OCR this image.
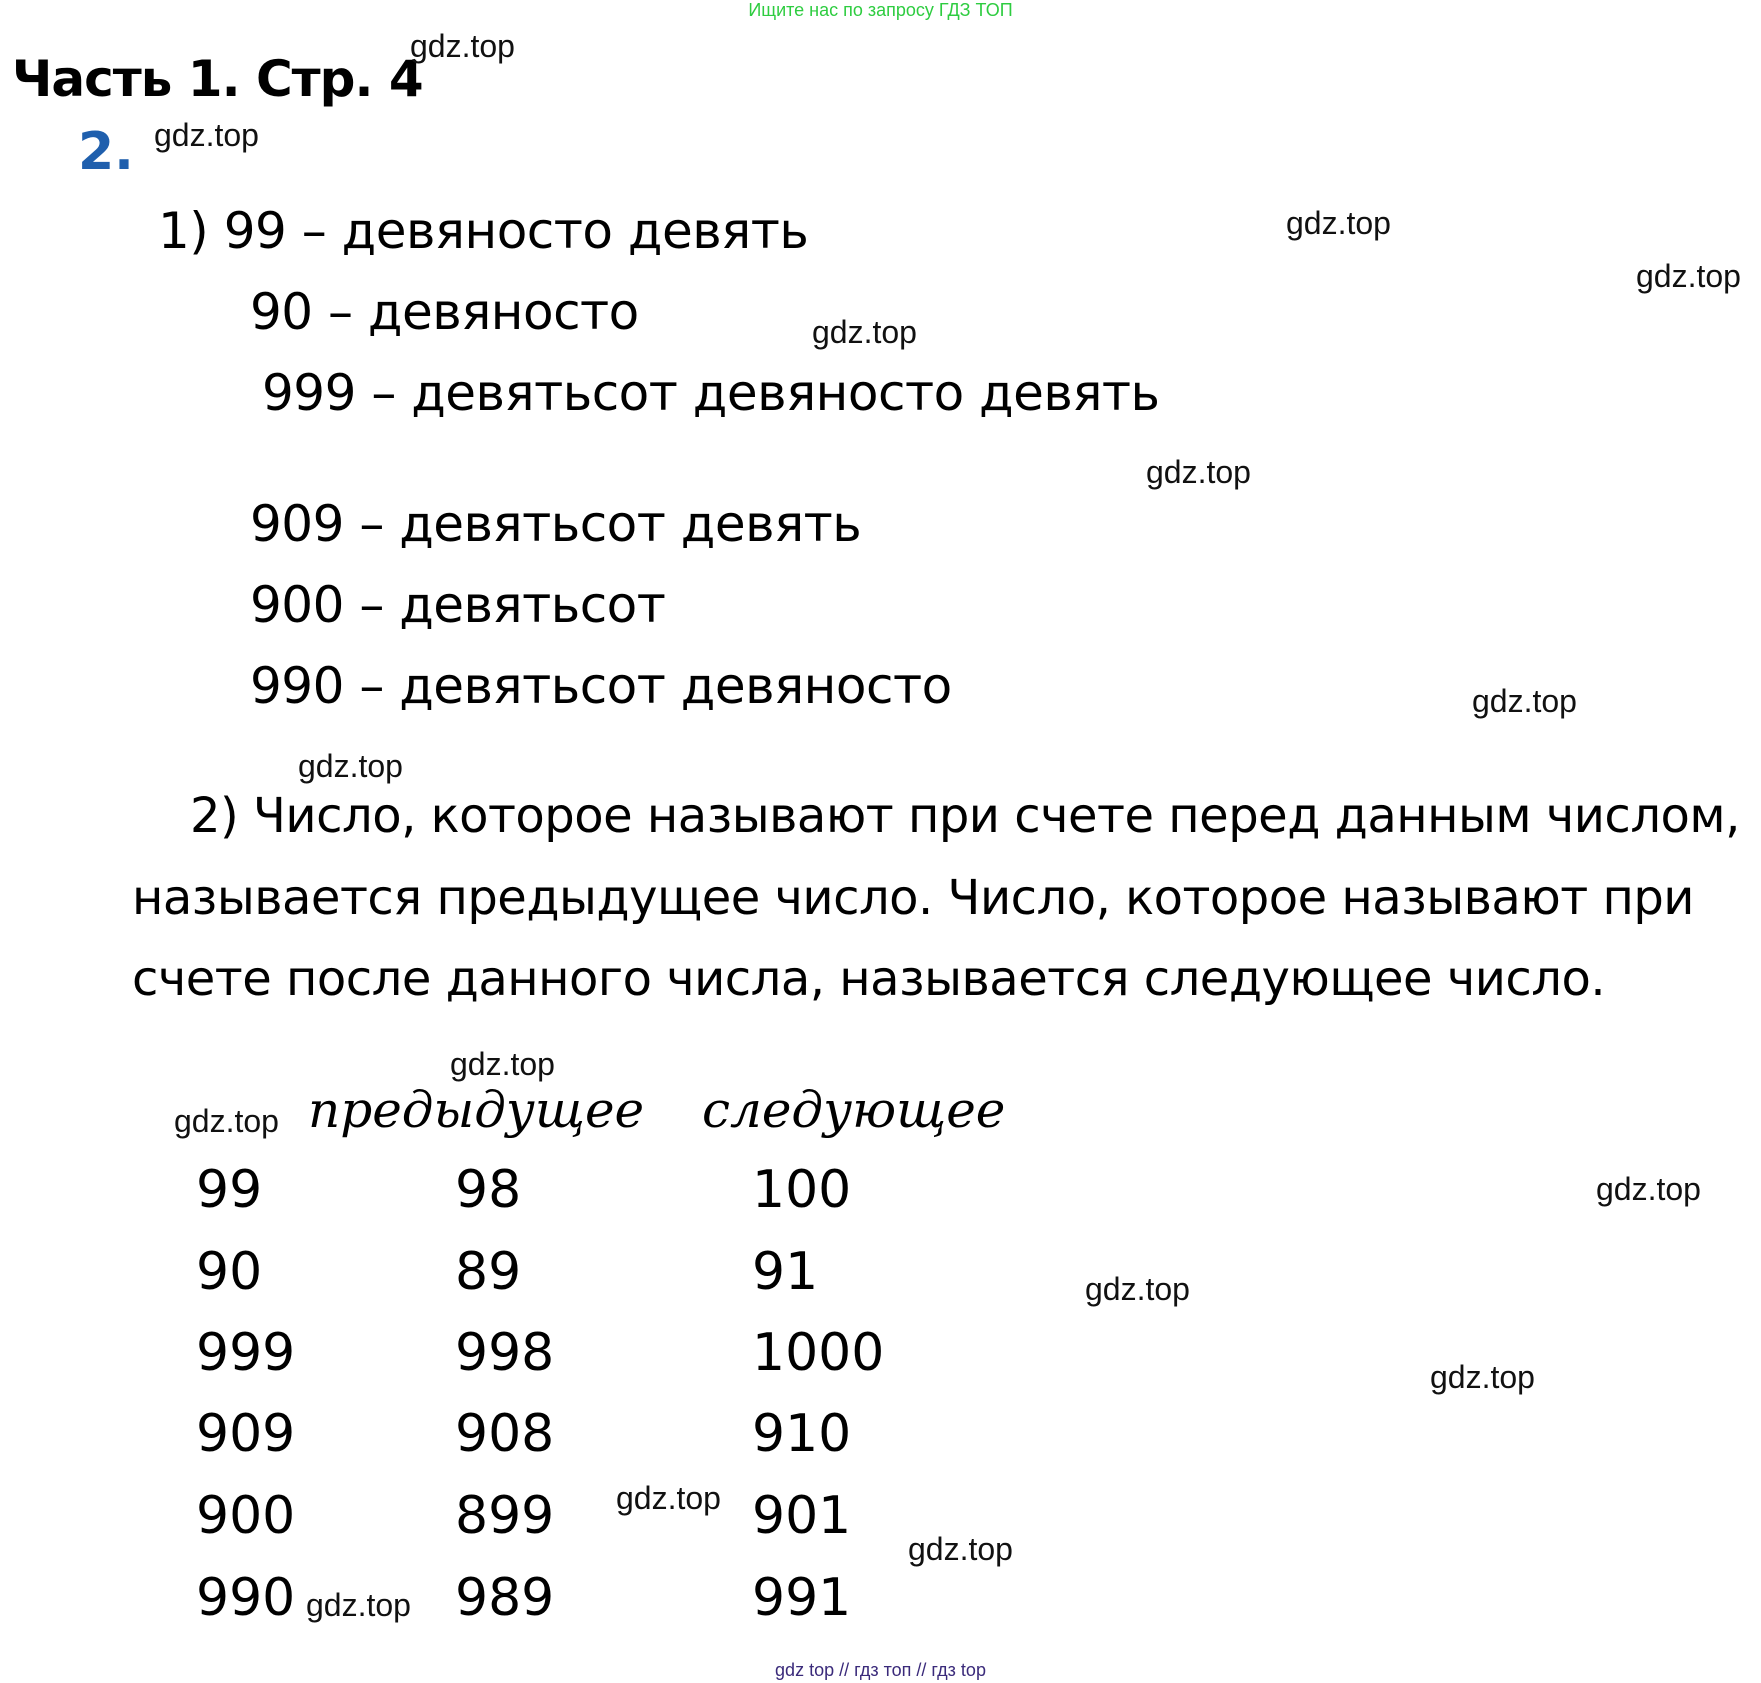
Ищите нас по запросу ГДЗ ТОП
Часть 1. Стр. 4
2.
1) 99 – девяносто девять
90 – девяносто
999 – девятьсот девяносто девять
909 – девятьсот девять
900 – девятьсот
990 – девятьсот девяносто
2) Число, которое называют при счете перед данным числом,
называется предыдущее число. Число, которое называют при
счете после данного числа, называется следующее число.
предыдущее следующее
99	98	100
90	89	91
999	998	1000
909	908	910
900	899	901
990	989	991
gdz.top
gdz.top
gdz.top
gdz.top
gdz.top
gdz.top
gdz.top
gdz.top
gdz.top
gdz.top
gdz.top
gdz.top
gdz.top
gdz.top
gdz.top
gdz.top
gdz top // гдз топ // гдз top
